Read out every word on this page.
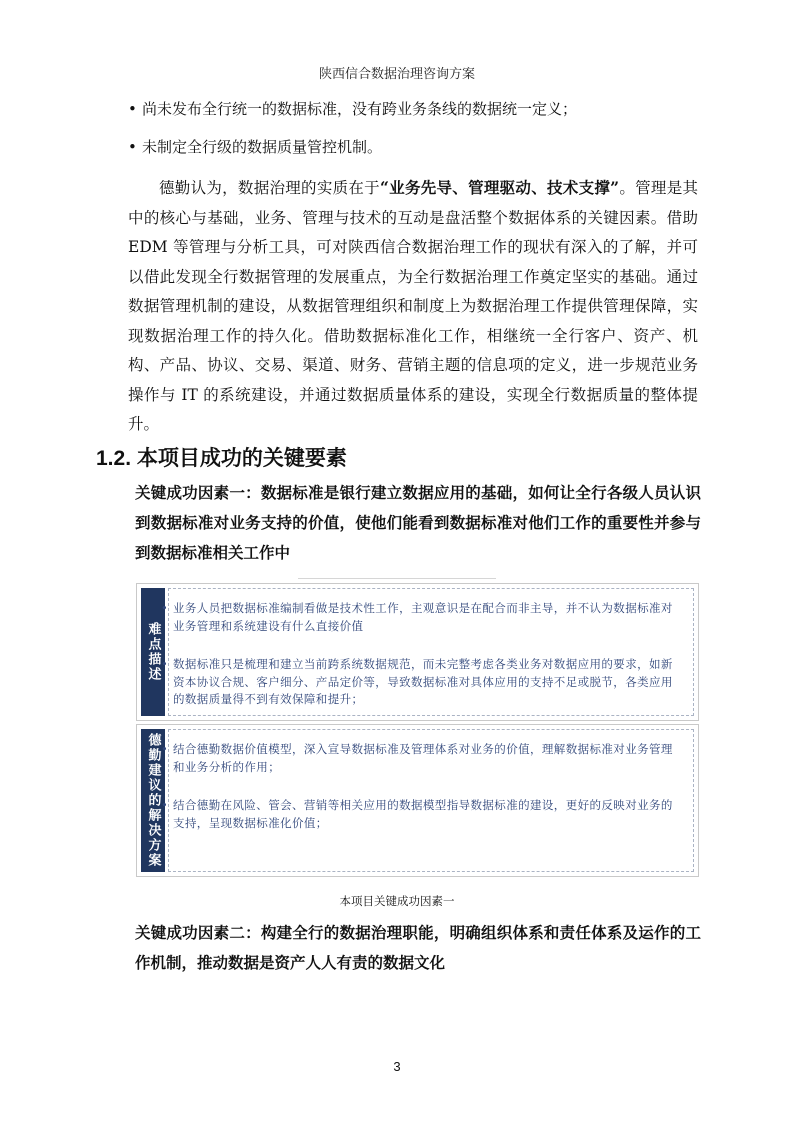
陕西信合数据治理咨询方案
• 尚未发布全行统一的数据标准，没有跨业务条线的数据统一定义；
• 未制定全行级的数据质量管控机制。

德勤认为，数据治理的实质在于“业务先导、管理驱动、技术支撑”。管理是其中的核心与基础，业务、管理与技术的互动是盘活整个数据体系的关键因素。借助 EDM 等管理与分析工具，可对陕西信合数据治理工作的现状有深入的了解，并可以借此发现全行数据管理的发展重点，为全行数据治理工作奠定坚实的基础。通过数据管理机制的建设，从数据管理组织和制度上为数据治理工作提供管理保障，实现数据治理工作的持久化。借助数据标准化工作，相继统一全行客户、资产、机构、产品、协议、交易、渠道、财务、营销主题的信息项的定义，进一步规范业务操作与 IT 的系统建设，并通过数据质量体系的建设，实现全行数据质量的整体提升。

1.2. 本项目成功的关键要素
关键成功因素一：数据标准是银行建立数据应用的基础，如何让全行各级人员认识到数据标准对业务支持的价值，使他们能看到数据标准对他们工作的重要性并参与到数据标准相关工作中
难点描述
• 业务人员把数据标准编制看做是技术性工作，主观意识是在配合而非主导，并不认为数据标准对业务管理和系统建设有什么直接价值
• 数据标准只是梳理和建立当前跨系统数据规范，而未完整考虑各类业务对数据应用的要求，如新资本协议合规、客户细分、产品定价等，导致数据标准对具体应用的支持不足或脱节，各类应用的数据质量得不到有效保障和提升；
德勤建议的解决方案 • 结合德勤数据价值模型，深入宣导数据标准及管理体系对业务的价值，理解数据标准对业务管理和业务分析的作用；
• 结合德勤在风险、管会、营销等相关应用的数据模型指导数据标准的建设，更好的反映对业务的支持，呈现数据标准化价值；
本项目关键成功因素一
关键成功因素二：构建全行的数据治理职能，明确组织体系和责任体系及运作的工作机制，推动数据是资产人人有责的数据文化
3
